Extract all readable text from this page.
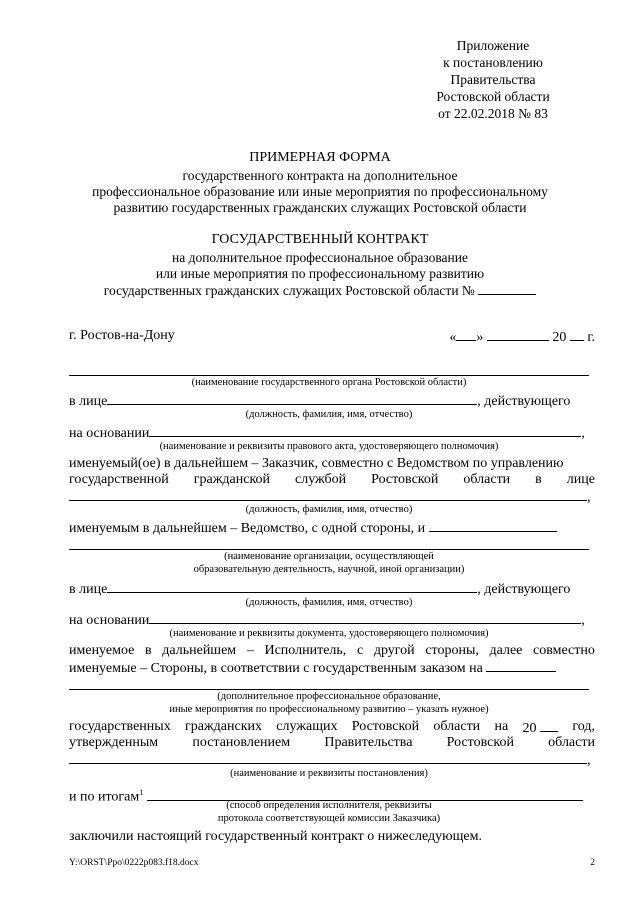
Приложение
к постановлению
Правительства
Ростовской области
от 22.02.2018 № 83
ПРИМЕРНАЯ ФОРМА
государственного контракта на дополнительное
профессиональное образование или иные мероприятия по профессиональному
развитию государственных гражданских служащих Ростовской области
ГОСУДАРСТВЕННЫЙ КОНТРАКТ
на дополнительное профессиональное образование
или иные мероприятия по профессиональному развитию
государственных гражданских служащих Ростовской области №
г. Ростов-на-Дону	« »	20 г.
(наименование государственного органа Ростовской области)
в лице	, действующего
(должность, фамилия, имя, отчество)
на основании	,
(наименование и реквизиты правового акта, удостоверяющего полномочия)
именуемый(ое) в дальнейшем – Заказчик, совместно с Ведомством по управлению
государственной гражданской службой Ростовской области в лице
,
(должность, фамилия, имя, отчество)
именуемым в дальнейшем – Ведомство, с одной стороны, и
(наименование организации, осуществляющей
образовательную деятельность, научной, иной организации)
в лице	, действующего
(должность, фамилия, имя, отчество)
на основании	,
(наименование и реквизиты документа, удостоверяющего полномочия)
именуемое в дальнейшем – Исполнитель, с другой стороны, далее совместно
именуемые – Стороны, в соответствии с государственным заказом на
(дополнительное профессиональное образование,
иные мероприятия по профессиональному развитию – указать нужное)
государственных гражданских служащих Ростовской области на 20	год,
утвержденным постановлением Правительства Ростовской области
,
(наименование и реквизиты постановления)
и по итогам$^1$
(способ определения исполнителя, реквизиты
протокола соответствующей комиссии Заказчика)
заключили настоящий государственный контракт о нижеследующем.
Y:\ORST\Ppo\0222p083.f18.docx	2
